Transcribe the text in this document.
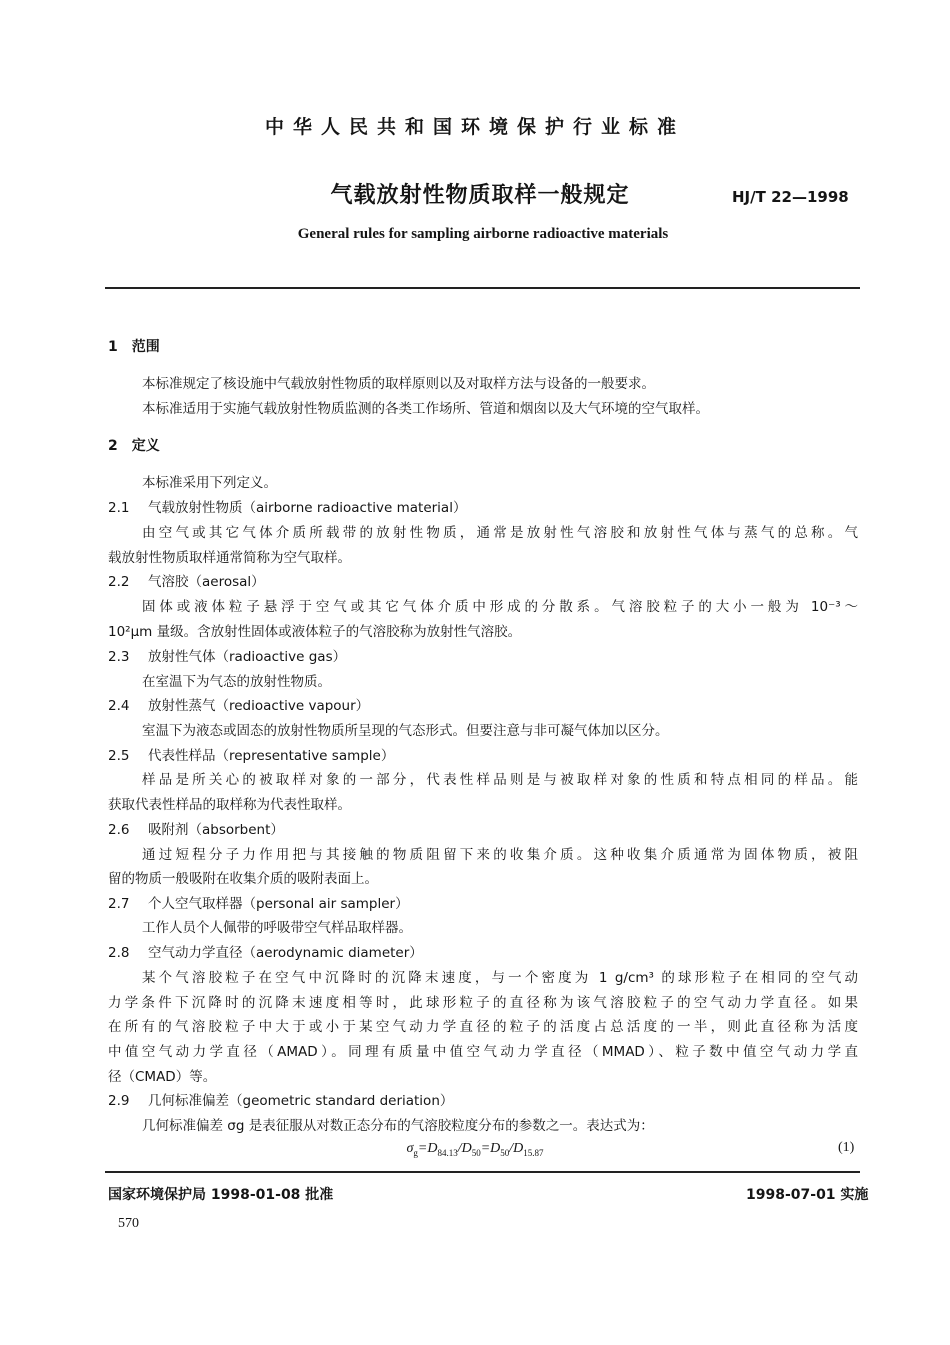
中华人民共和国环境保护行业标准
气载放射性物质取样一般规定	HJ/T 22—1998
General rules for sampling airborne radioactive materials
1　范围
本标准规定了核设施中气载放射性物质的取样原则以及对取样方法与设备的一般要求。
本标准适用于实施气载放射性物质监测的各类工作场所、管道和烟囱以及大气环境的空气取样。
2　定义
本标准采用下列定义。
2.1 气载放射性物质（airborne radioactive material）
由空气或其它气体介质所载带的放射性物质，通常是放射性气溶胶和放射性气体与蒸气的总称。气
载放射性物质取样通常简称为空气取样。
2.2 气溶胶（aerosal）
固体或液体粒子悬浮于空气或其它气体介质中形成的分散系。气溶胶粒子的大小一般为 10⁻³～
10²μm 量级。含放射性固体或液体粒子的气溶胶称为放射性气溶胶。
2.3 放射性气体（radioactive gas）
在室温下为气态的放射性物质。
2.4 放射性蒸气（redioactive vapour）
室温下为液态或固态的放射性物质所呈现的气态形式。但要注意与非可凝气体加以区分。
2.5 代表性样品（representative sample）
样品是所关心的被取样对象的一部分，代表性样品则是与被取样对象的性质和特点相同的样品。能
获取代表性样品的取样称为代表性取样。
2.6 吸附剂（absorbent）
通过短程分子力作用把与其接触的物质阻留下来的收集介质。这种收集介质通常为固体物质，被阻
留的物质一般吸附在收集介质的吸附表面上。
2.7 个人空气取样器（personal air sampler）
工作人员个人佩带的呼吸带空气样品取样器。
2.8 空气动力学直径（aerodynamic diameter）
某个气溶胶粒子在空气中沉降时的沉降末速度，与一个密度为 1 g/cm³ 的球形粒子在相同的空气动
力学条件下沉降时的沉降末速度相等时，此球形粒子的直径称为该气溶胶粒子的空气动力学直径。如果
在所有的气溶胶粒子中大于或小于某空气动力学直径的粒子的活度占总活度的一半，则此直径称为活度
中值空气动力学直径（AMAD）。同理有质量中值空气动力学直径（MMAD）、粒子数中值空气动力学直
径（CMAD）等。
2.9 几何标准偏差（geometric standard deriation）
几何标准偏差 σg 是表征服从对数正态分布的气溶胶粒度分布的参数之一。表达式为：
$\sigma_g=D_{84.13}/D_{50}=D_{50}/D_{15.87}$	(1)
国家环境保护局 1998-01-08 批准	1998-07-01 实施
570
